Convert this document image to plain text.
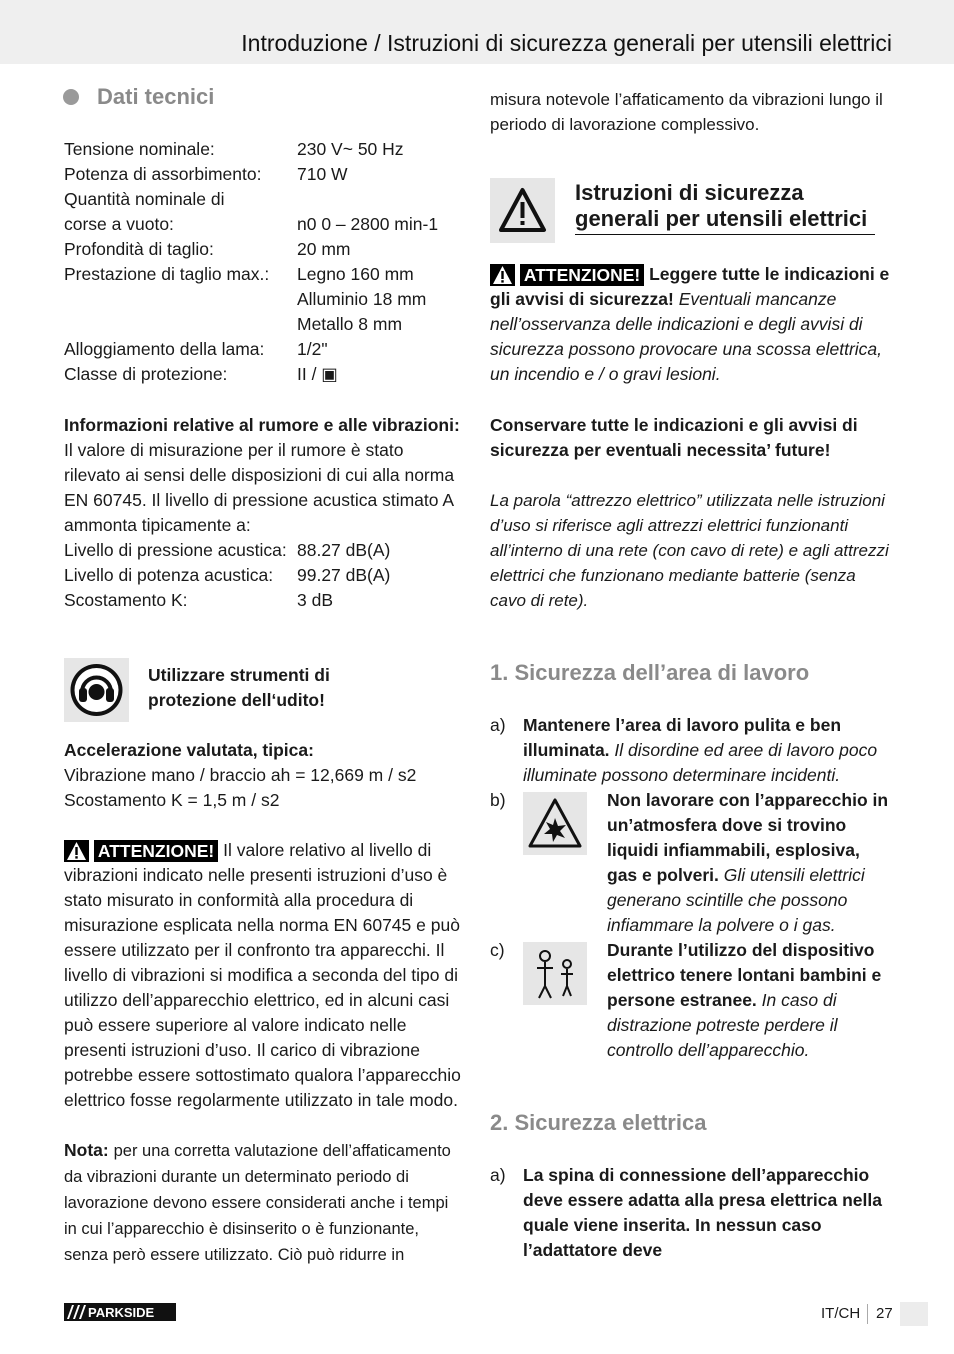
Introduzione / Istruzioni di sicurezza generali per utensili elettrici
Dati tecnici
Tensione nominale:	230 V~ 50 Hz
Potenza di assorbimento:	710 W
Quantità nominale di
corse a vuoto:	n0 0 – 2800 min-1
Profondità di taglio:	20 mm
Prestazione di taglio max.:	Legno 160 mm
Alluminio 18 mm
Metallo 8 mm
Alloggiamento della lama:	1/2"
Classe di protezione:	II / ▣

Informazioni relative al rumore e alle vibrazioni:

Il valore di misurazione per il rumore è stato rilevato ai sensi delle disposizioni di cui alla norma EN 60745. Il livello di pressione acustica stimato A ammonta tipicamente a:

Livello di pressione acustica: 88.27 dB(A)
Livello di potenza acustica:	99.27 dB(A)
Scostamento K:	3 dB
Utilizzare strumenti di protezione dell‘udito!

Accelerazione valutata, tipica:

Vibrazione mano / braccio ah = 12,669 m / s2

Scostamento K = 1,5 m / s2

ATTENZIONE! Il valore relativo al livello di vibrazioni indicato nelle presenti istruzioni d’uso è stato misurato in conformità alla procedura di misurazione esplicata nella norma EN 60745 e può essere utilizzato per il confronto tra apparecchi. Il livello di vibrazioni si modifica a seconda del tipo di utilizzo dell’apparecchio elettrico, ed in alcuni casi può essere superiore al valore indicato nelle presenti istruzioni d’uso. Il carico di vibrazione potrebbe essere sottostimato qualora l’apparecchio elettrico fosse regolarmente utilizzato in tale modo.

Nota: per una corretta valutazione dell’affaticamento da vibrazioni durante un determinato periodo di lavorazione devono essere considerati anche i tempi in cui l’apparecchio è disinserito o è funzionante, senza però essere utilizzato. Ciò può ridurre in

misura notevole l’affaticamento da vibrazioni lungo il periodo di lavorazione complessivo.
Istruzioni di sicurezza generali per utensili elettrici

ATTENZIONE! Leggere tutte le indicazioni e gli avvisi di sicurezza! Eventuali mancanze nell’osservanza delle indicazioni e degli avvisi di sicurezza possono provocare una scossa elettrica, un incendio e / o gravi lesioni.

Conservare tutte le indicazioni e gli avvisi di sicurezza per eventuali necessita’ future!
La parola “attrezzo elettrico” utilizzata nelle istruzioni d’uso si riferisce agli attrezzi elettrici funzionanti all’interno di una rete (con cavo di rete) e agli attrezzi elettrici che funzionano mediante batterie (senza cavo di rete).
1. Sicurezza dell’area di lavoro
a) Mantenere l’area di lavoro pulita e ben illuminata. Il disordine ed aree di lavoro poco illuminate possono determinare incidenti.
b)	Non lavorare con l’apparecchio in un’atmosfera dove si trovino liquidi infiammabili, esplosiva, gas e polveri. Gli utensili elettrici generano scintille che possono infiammare la polvere o i gas.
c)	Durante l’utilizzo del dispositivo elettrico tenere lontani bambini e persone estranee. In caso di distrazione potreste perdere il controllo dell’apparecchio.
2. Sicurezza elettrica
a) La spina di connessione dell’apparecchio deve essere adatta alla presa elettrica nella quale viene inserita. In nessun caso l’adattatore deve
PARKSIDE	IT/CH 27
